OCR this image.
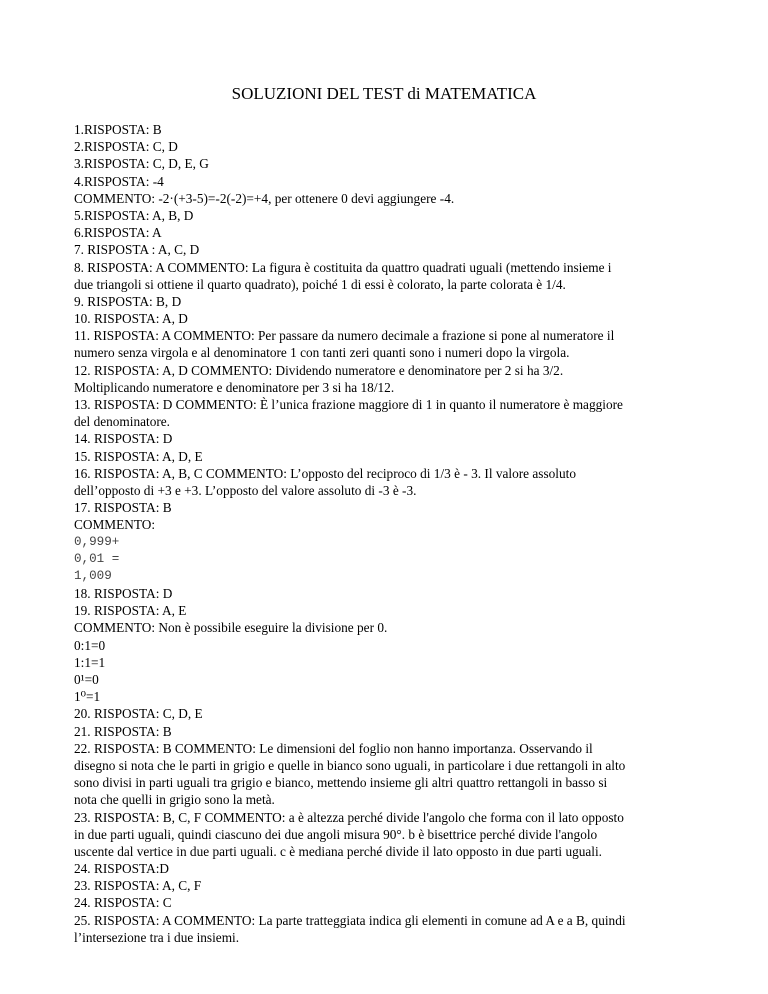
SOLUZIONI DEL TEST di MATEMATICA
1.RISPOSTA: B
2.RISPOSTA: C, D
3.RISPOSTA: C, D, E, G
4.RISPOSTA: -4
COMMENTO: -2·(+3-5)=-2(-2)=+4, per ottenere 0 devi aggiungere -4.
5.RISPOSTA: A, B, D
6.RISPOSTA: A
7. RISPOSTA : A, C, D
8. RISPOSTA: A COMMENTO: La figura è costituita da quattro quadrati uguali (mettendo insieme i
due triangoli si ottiene il quarto quadrato), poiché 1 di essi è colorato, la parte colorata è 1/4.
9. RISPOSTA: B, D
10. RISPOSTA: A, D
11. RISPOSTA: A COMMENTO: Per passare da numero decimale a frazione si pone al numeratore il
numero senza virgola e al denominatore 1 con tanti zeri quanti sono i numeri dopo la virgola.
12. RISPOSTA: A, D COMMENTO: Dividendo numeratore e denominatore per 2 si ha 3/2.
Moltiplicando numeratore e denominatore per 3 si ha 18/12.
13. RISPOSTA: D COMMENTO: È l’unica frazione maggiore di 1 in quanto il numeratore è maggiore
del denominatore.
14. RISPOSTA: D
15. RISPOSTA: A, D, E
16. RISPOSTA: A, B, C COMMENTO: L’opposto del reciproco di 1/3 è - 3. Il valore assoluto
dell’opposto di +3 e +3. L’opposto del valore assoluto di -3 è -3.
17. RISPOSTA: B
COMMENTO:
0,999+
0,01 =
1,009
18. RISPOSTA: D
19. RISPOSTA: A, E
COMMENTO: Non è possibile eseguire la divisione per 0.
0:1=0
1:1=1
0¹=0
1⁰=1
20. RISPOSTA: C, D, E
21. RISPOSTA: B
22. RISPOSTA: B COMMENTO: Le dimensioni del foglio non hanno importanza. Osservando il
disegno si nota che le parti in grigio e quelle in bianco sono uguali, in particolare i due rettangoli in alto
sono divisi in parti uguali tra grigio e bianco, mettendo insieme gli altri quattro rettangoli in basso si
nota che quelli in grigio sono la metà.
23. RISPOSTA: B, C, F COMMENTO: a è altezza perché divide l'angolo che forma con il lato opposto
in due parti uguali, quindi ciascuno dei due angoli misura 90°. b è bisettrice perché divide l'angolo
uscente dal vertice in due parti uguali. c è mediana perché divide il lato opposto in due parti uguali.
24. RISPOSTA:D
23. RISPOSTA: A, C, F
24. RISPOSTA: C
25. RISPOSTA: A COMMENTO: La parte tratteggiata indica gli elementi in comune ad A e a B, quindi
l’intersezione tra i due insiemi.
